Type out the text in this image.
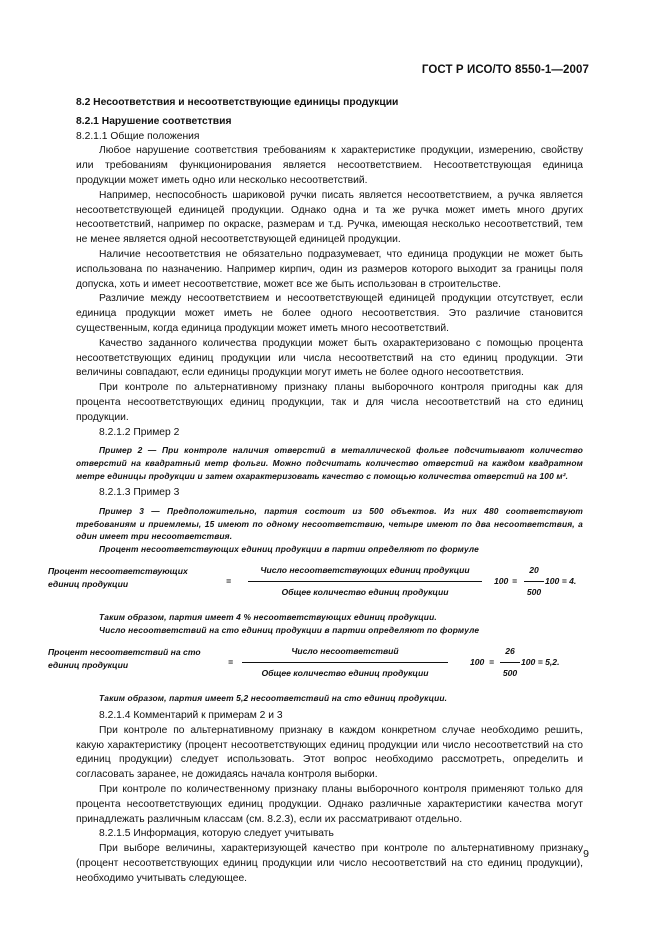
ГОСТ Р ИСО/ТО 8550-1—2007
8.2 Несоответствия и несоответствующие единицы продукции
8.2.1 Нарушение соответствия
8.2.1.1 Общие положения

Любое нарушение соответствия требованиям к характеристике продукции, измерению, свойству или требованиям функционирования является несоответствием. Несоответствующая единица продукции может иметь одно или несколько несоответствий.

Например, неспособность шариковой ручки писать является несоответствием, а ручка является несоответствующей единицей продукции. Однако одна и та же ручка может иметь много других несоответствий, например по окраске, размерам и т.д. Ручка, имеющая несколько несоответствий, тем не менее является одной несоответствующей единицей продукции.

Наличие несоответствия не обязательно подразумевает, что единица продукции не может быть использована по назначению. Например кирпич, один из размеров которого выходит за границы поля допуска, хоть и имеет несоответствие, может все же быть использован в строительстве.

Различие между несоответствием и несоответствующей единицей продукции отсутствует, если единица продукции может иметь не более одного несоответствия. Это различие становится существенным, когда единица продукции может иметь много несоответствий.

Качество заданного количества продукции может быть охарактеризовано с помощью процента несоответствующих единиц продукции или числа несоответствий на сто единиц продукции. Эти величины совпадают, если единицы продукции могут иметь не более одного несоответствия.

При контроле по альтернативному признаку планы выборочного контроля пригодны как для процента несоответствующих единиц продукции, так и для числа несоответствий на сто единиц продукции.

8.2.1.2 Пример 2

Пример 2 — При контроле наличия отверстий в металлической фольге подсчитывают количество отверстий на квадратный метр фольги. Можно подсчитать количество отверстий на каждом квадратном метре единицы продукции и затем охарактеризовать качество с помощью количества отверстий на 100 м².

8.2.1.3 Пример 3

Пример 3 — Предположительно, партия состоит из 500 объектов. Из них 480 соответствуют требованиям и приемлемы, 15 имеют по одному несоответствию, четыре имеют по два несоответствия, а один имеет три несоответствия.

Процент несоответствующих единиц продукции в партии определяют по формуле

Процент несоответствующих
единиц продукции	=
Число несоответствующих единиц продукции
Общее количество единиц продукции
$100 = \frac{20}{500} 100 = 4$.

Таким образом, партия имеет 4 % несоответствующих единиц продукции.

Число несоответствий на сто единиц продукции в партии определяют по формуле

Процент несоответствий на сто
единиц продукции	=
Число несоответствий
Общее количество единиц продукции
$100 = \frac{26}{500} 100 = 5,2$.

Таким образом, партия имеет 5,2 несоответствий на сто единиц продукции.

8.2.1.4 Комментарий к примерам 2 и 3

При контроле по альтернативному признаку в каждом конкретном случае необходимо решить, какую характеристику (процент несоответствующих единиц продукции или число несоответствий на сто единиц продукции) следует использовать. Этот вопрос необходимо рассмотреть, определить и согласовать заранее, не дожидаясь начала контроля выборки.

При контроле по количественному признаку планы выборочного контроля применяют только для процента несоответствующих единиц продукции. Однако различные характеристики качества могут принадлежать различным классам (см. 8.2.3), если их рассматривают отдельно.

8.2.1.5 Информация, которую следует учитывать

При выборе величины, характеризующей качество при контроле по альтернативному признаку (процент несоответствующих единиц продукции или число несоответствий на сто единиц продукции), необходимо учитывать следующее.

9
